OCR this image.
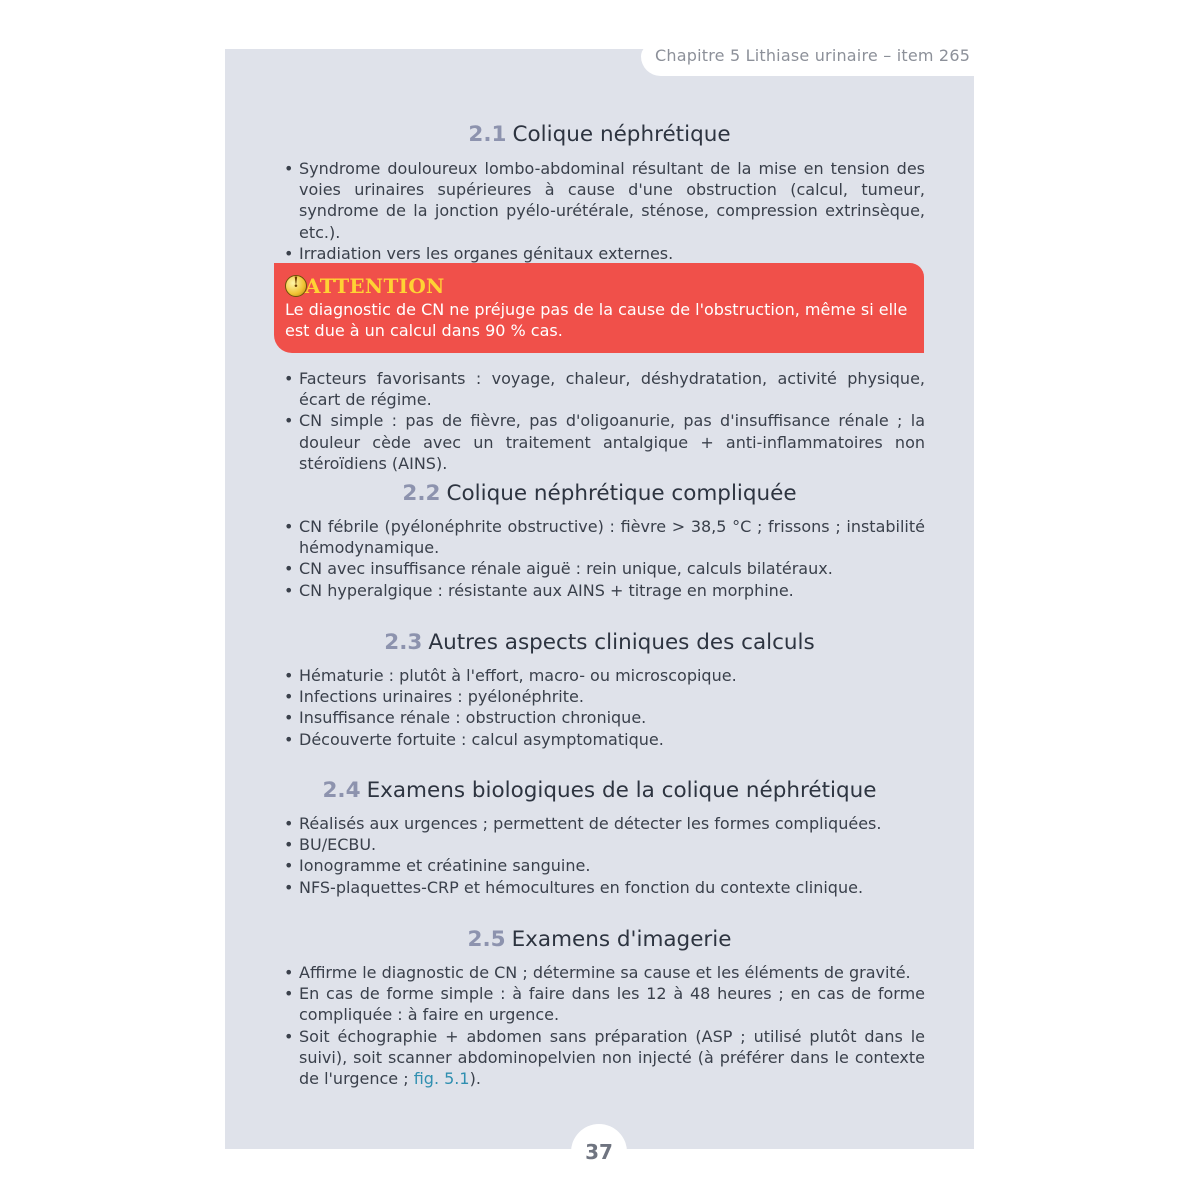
Chapitre 5 Lithiase urinaire – item 265
2.1 Colique néphrétique
• Syndrome douloureux lombo-abdominal résultant de la mise en tension des voies urinaires supérieures à cause d'une obstruction (calcul, tumeur, syndrome de la jonction pyélo-urétérale, sténose, compression extrinsèque, etc.).
• Irradiation vers les organes génitaux externes.
! ATTENTION
Le diagnostic de CN ne préjuge pas de la cause de l'obstruction, même si elle est due à un calcul dans 90 % cas.
• Facteurs favorisants : voyage, chaleur, déshydratation, activité physique, écart de régime.
• CN simple : pas de fièvre, pas d'oligoanurie, pas d'insuffisance rénale ; la douleur cède avec un traitement antalgique + anti-inflammatoires non stéroïdiens (AINS).
2.2 Colique néphrétique compliquée
• CN fébrile (pyélonéphrite obstructive) : fièvre > 38,5 °C ; frissons ; instabilité hémodynamique.
• CN avec insuffisance rénale aiguë : rein unique, calculs bilatéraux.
• CN hyperalgique : résistante aux AINS + titrage en morphine.
2.3 Autres aspects cliniques des calculs
• Hématurie : plutôt à l'effort, macro- ou microscopique.
• Infections urinaires : pyélonéphrite.
• Insuffisance rénale : obstruction chronique.
• Découverte fortuite : calcul asymptomatique.
2.4 Examens biologiques de la colique néphrétique
• Réalisés aux urgences ; permettent de détecter les formes compliquées.
• BU/ECBU.
• Ionogramme et créatinine sanguine.
• NFS-plaquettes-CRP et hémocultures en fonction du contexte clinique.
2.5 Examens d'imagerie
• Affirme le diagnostic de CN ; détermine sa cause et les éléments de gravité.
• En cas de forme simple : à faire dans les 12 à 48 heures ; en cas de forme compliquée : à faire en urgence.
• Soit échographie + abdomen sans préparation (ASP ; utilisé plutôt dans le suivi), soit scanner abdominopelvien non injecté (à préférer dans le contexte de l'urgence ; fig. 5.1).
37
